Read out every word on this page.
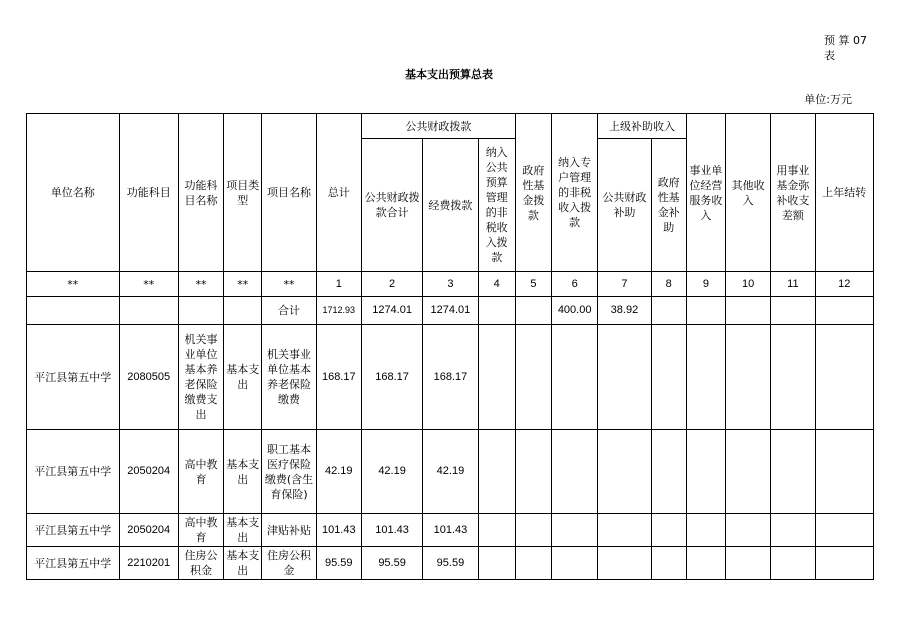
预 算 07 表
基本支出预算总表
单位:万元
单位名称	功能科目	功能科目名称	项目类型	项目名称	总计	公共财政拨款			政府性基金拨款	纳入专户管理的非税收入拨款	上级补助收入		事业单位经营服务收入	其他收入	用事业基金弥补收支差额	上年结转
						公共财政拨款合计	经费拨款	纳入公共预算管理的非税收入拨款			公共财政补助	政府性基金补助				
**	**	**	**	**	1	2	3	4	5	6	7	8	9	10	11	12
				合计	1712.93	1274.01	1274.01			400.00	38.92					
平江县第五中学	2080505	机关事业单位基本养老保险缴费支出	基本支出	机关事业单位基本养老保险缴费	168.17	168.17	168.17									
平江县第五中学	2050204	高中教育	基本支出	职工基本医疗保险缴费(含生育保险)	42.19	42.19	42.19									
平江县第五中学	2050204	高中教育	基本支出	津贴补贴	101.43	101.43	101.43									
平江县第五中学	2210201	住房公积金	基本支出	住房公积金	95.59	95.59	95.59									
